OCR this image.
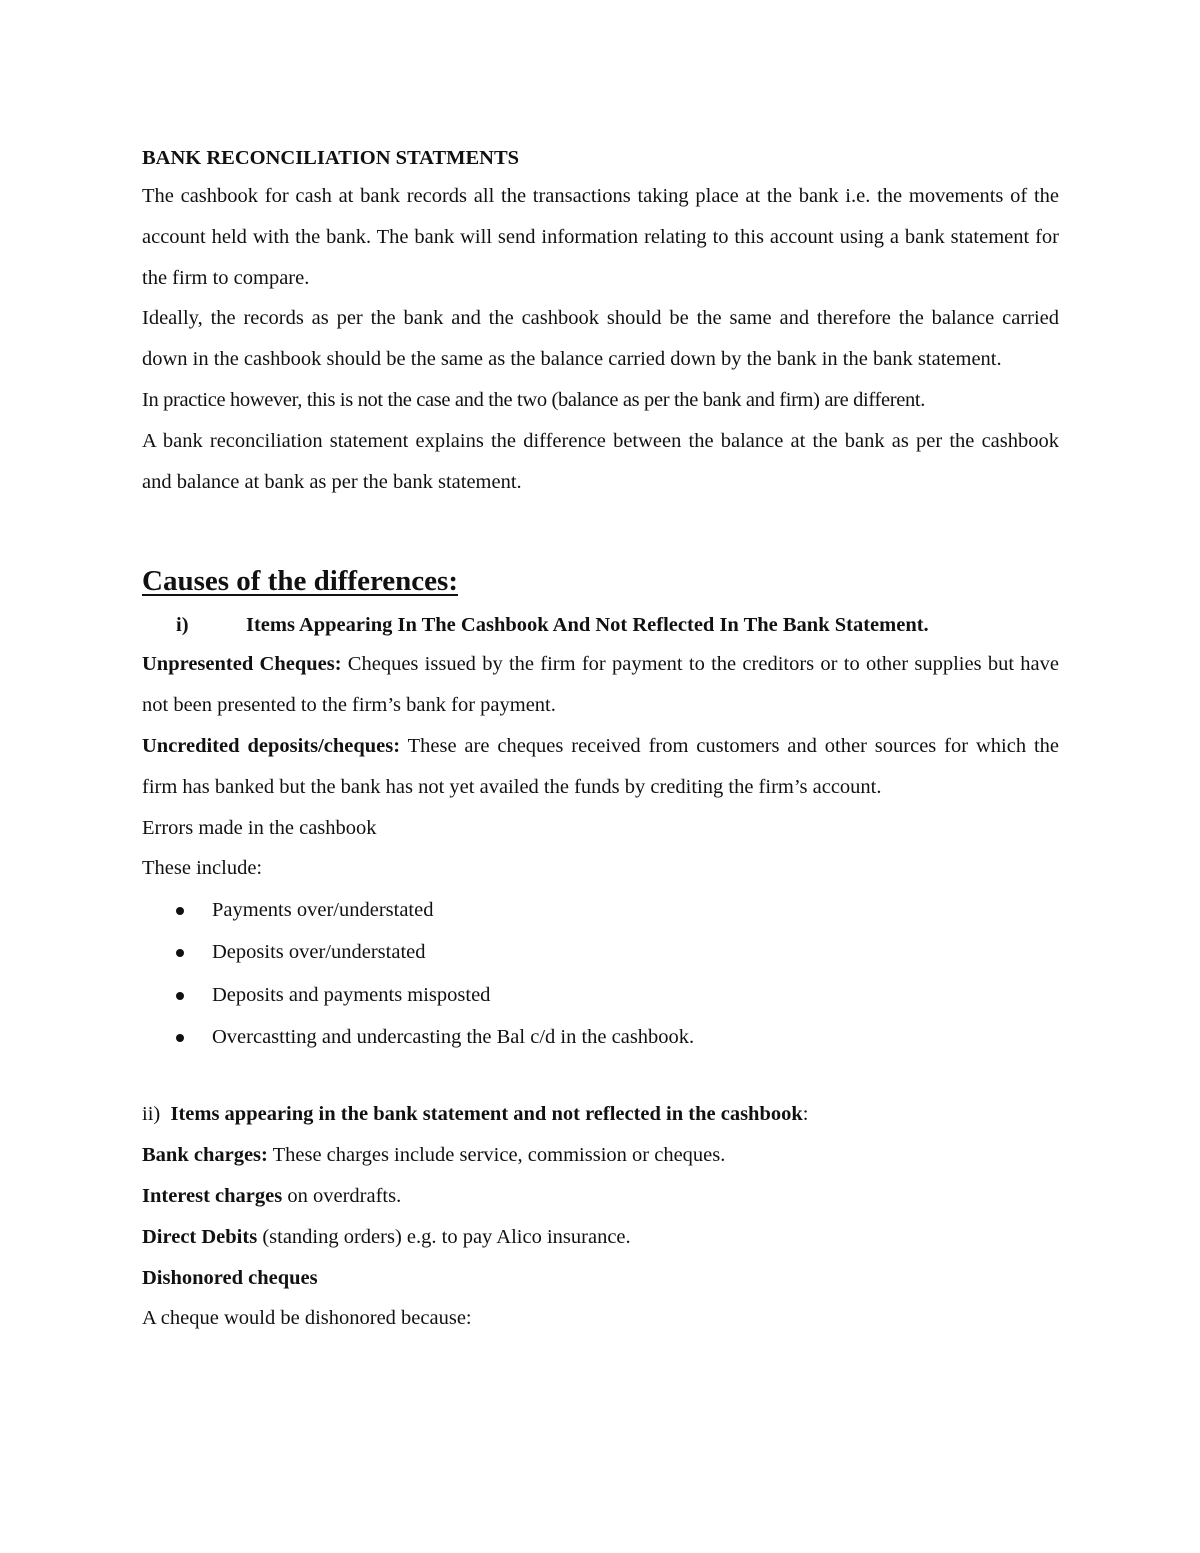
BANK RECONCILIATION STATMENTS

The cashbook for cash at bank records all the transactions taking place at the bank i.e. the movements of the account held with the bank. The bank will send information relating to this account using a bank statement for the firm to compare.

Ideally, the records as per the bank and the cashbook should be the same and therefore the balance carried down in the cashbook should be the same as the balance carried down by the bank in the bank statement.

In practice however, this is not the case and the two (balance as per the bank and firm) are different.

A bank reconciliation statement explains the difference between the balance at the bank as per the cashbook and balance at bank as per the bank statement.

Causes of the differences:

i)	Items Appearing In The Cashbook And Not Reflected In The Bank Statement.

Unpresented Cheques: Cheques issued by the firm for payment to the creditors or to other supplies but have not been presented to the firm’s bank for payment.

Uncredited deposits/cheques: These are cheques received from customers and other sources for which the firm has banked but the bank has not yet availed the funds by crediting the firm’s account.

Errors made in the cashbook

These include:

Payments over/understated
Deposits over/understated
Deposits and payments misposted
Overcastting and undercasting the Bal c/d in the cashbook.

ii) Items appearing in the bank statement and not reflected in the cashbook:

Bank charges: These charges include service, commission or cheques.

Interest charges on overdrafts.

Direct Debits (standing orders) e.g. to pay Alico insurance.

Dishonored cheques

A cheque would be dishonored because:
